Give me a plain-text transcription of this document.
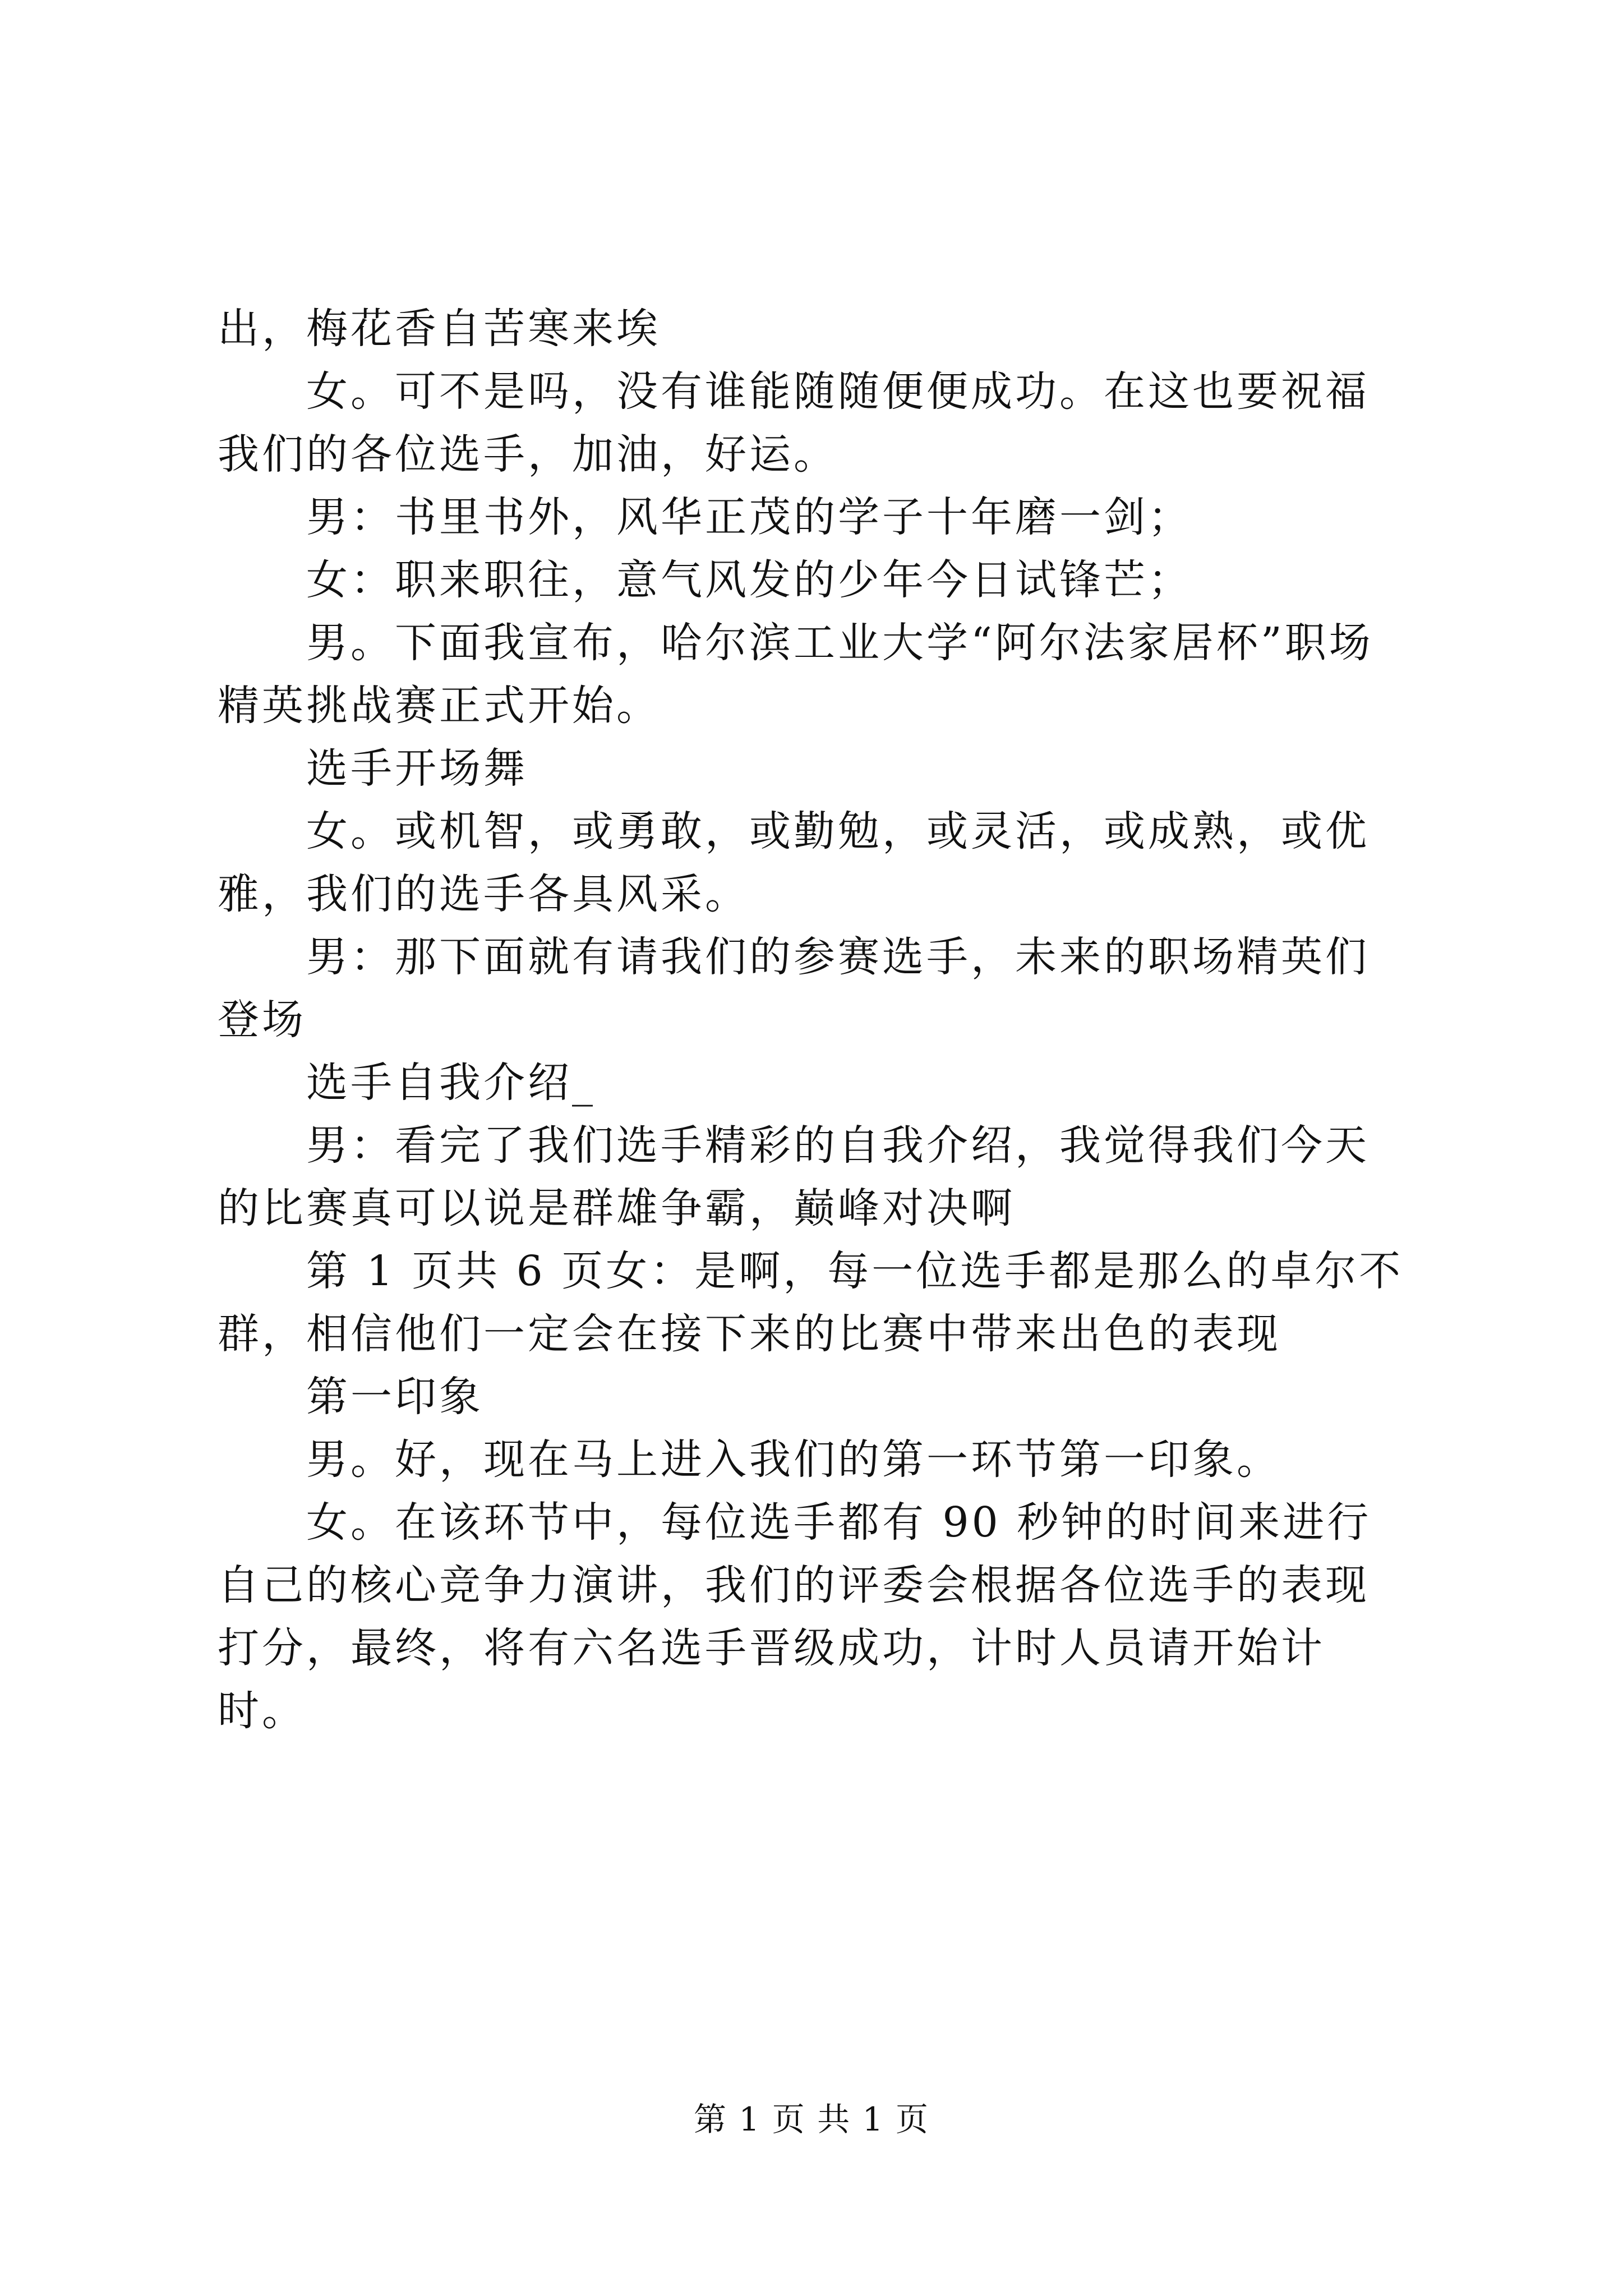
出，梅花香自苦寒来埃

女。可不是吗，没有谁能随随便便成功。在这也要祝福我们的各位选手，加油，好运。

男：书里书外，风华正茂的学子十年磨一剑；

女：职来职往，意气风发的少年今日试锋芒；

男。下面我宣布，哈尔滨工业大学“阿尔法家居杯”职场精英挑战赛正式开始。

选手开场舞

女。或机智，或勇敢，或勤勉，或灵活，或成熟，或优雅，我们的选手各具风采。

男：那下面就有请我们的参赛选手，未来的职场精英们登场

选手自我介绍_

男：看完了我们选手精彩的自我介绍，我觉得我们今天的比赛真可以说是群雄争霸，巅峰对决啊

第 1 页共 6 页女：是啊，每一位选手都是那么的卓尔不群，相信他们一定会在接下来的比赛中带来出色的表现

第一印象

男。好，现在马上进入我们的第一环节第一印象。

女。在该环节中，每位选手都有 90 秒钟的时间来进行自己的核心竞争力演讲，我们的评委会根据各位选手的表现打分，最终，将有六名选手晋级成功，计时人员请开始计时。

第 1 页 共 1 页
